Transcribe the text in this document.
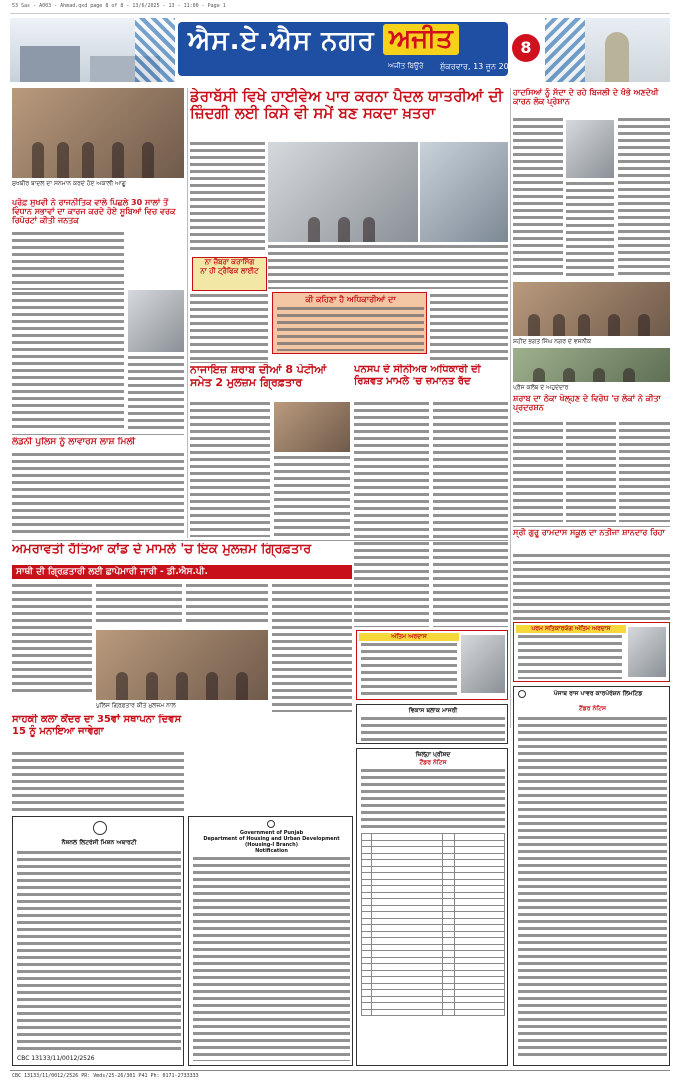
53 Sas - A003 - Ahmad.qxd page 8 of 8 - 13/6/2025 - 13 - 11:00 - Page 1
ਐਸ.ਏ.ਐਸ ਨਗਰ ਅਜੀਤ
ਅਜੀਤ ਬਿਊਰੋ ਸ਼ੁੱਕਰਵਾਰ, 13 ਜੂਨ 2025
8
ਸੁਖਬੀਰ ਬਾਦਲ ਦਾ ਸਨਮਾਨ ਕਰਦੇ ਹੋਏ ਅਕਾਲੀ ਆਗੂ
ਪ੍ਰੋਫ਼ ਸੁਖਵੀ ਨੇ ਰਾਜਨੀਤਿਕ ਵਾਲੇ ਪਿਛਲੇ 30 ਸਾਲਾਂ ਤੋਂ ਵਿਧਾਨ ਸਭਾਵਾਂ ਦਾ ਕਾਰਜ ਕਰਦੇ ਹੋਏ ਸੂਬਿਆਂ ਵਿਚ ਵਰਕ ਰਿਪੋਰਟਾਂ ਕੀਤੀ ਜਨਤਕ
ਲੰਡਨੀ ਪੁਲਿਸ ਨੂੰ ਲਾਵਾਰਸ ਲਾਸ਼ ਮਿਲੀ
ਡੇਰਾਬੱਸੀ ਵਿਖੇ ਹਾਈਵੇਅ ਪਾਰ ਕਰਨਾ ਪੈਦਲ ਯਾਤਰੀਆਂ ਦੀ ਜ਼ਿੰਦਗੀ ਲਈ ਕਿਸੇ ਵੀ ਸਮੇਂ ਬਣ ਸਕਦਾ ਖ਼ਤਰਾ
ਨਾ ਜ਼ੈਬਰਾ ਕਰਾਸਿੰਗ
ਨਾ ਹੀ ਟ੍ਰੈਫਿਕ ਲਾਈਟ
ਕੀ ਕਹਿਣਾ ਹੈ ਅਧਿਕਾਰੀਆਂ ਦਾ
ਨਾਜਾਇਜ਼ ਸ਼ਰਾਬ ਦੀਆਂ 8 ਪੇਟੀਆਂ ਸਮੇਤ 2 ਮੁਲਜ਼ਮ ਗ੍ਰਿਫ਼ਤਾਰ
ਪਨਸਪ ਦੇ ਸੀਨੀਅਰ ਅਧਿਕਾਰੀ ਦੀ ਰਿਸ਼ਵਤ ਮਾਮਲੇ 'ਚ ਜ਼ਮਾਨਤ ਰੱਦ
ਹਾਦਸਿਆਂ ਨੂੰ ਸੱਦਾ ਦੇ ਰਹੇ ਬਿਜਲੀ ਦੇ ਖੰਭੇ ਅਣਦੇਖੀ ਕਾਰਨ ਲੋਕ ਪ੍ਰੇਸ਼ਾਨ
ਸ਼ਹੀਦ ਭਗਤ ਸਿੰਘ ਨਗਰ ਦੇ ਵਸਨੀਕ
ਪ੍ਰੈਸ ਕਲੱਬ ਦੇ ਅਹੁਦੇਦਾਰ
ਸ਼ਰਾਬ ਦਾ ਠੇਕਾ ਖੋਲ੍ਹਣ ਦੇ ਵਿਰੋਧ 'ਚ ਲੋਕਾਂ ਨੇ ਕੀਤਾ ਪ੍ਰਦਰਸ਼ਨ
ਸ੍ਰੀ ਗੁਰੂ ਰਾਮਦਾਸ ਸਕੂਲ ਦਾ ਨਤੀਜਾ ਸ਼ਾਨਦਾਰ ਰਿਹਾ
ਪਰਮ ਸਤਿਕਾਰਯੋਗ ਅੰਤਿਮ ਅਰਦਾਸ
ਪੰਜਾਬ ਰਾਜ ਪਾਵਰ ਕਾਰਪੋਰੇਸ਼ਨ ਲਿਮਟਿਡ
ਟੈਂਡਰ ਨੋਟਿਸ
ਅਮਰਾਵਤੀ ਹੱਤਿਆ ਕਾਂਡ ਦੇ ਮਾਮਲੇ 'ਚ ਇਕ ਮੁਲਜ਼ਮ ਗ੍ਰਿਫ਼ਤਾਰ
ਸਾਥੀ ਦੀ ਗ੍ਰਿਫ਼ਤਾਰੀ ਲਈ ਛਾਪੇਮਾਰੀ ਜਾਰੀ - ਡੀ.ਐਸ.ਪੀ.
ਪੁਲਿਸ ਗ੍ਰਿਫ਼ਤਾਰ ਕੀਤੇ ਮੁਲਜ਼ਮ ਨਾਲ
ਸਾਹਕੀ ਕਲਾ ਕੇਂਦਰ ਦਾ 35ਵਾਂ ਸਥਾਪਨਾ ਦਿਵਸ 15 ਨੂੰ ਮਨਾਇਆ ਜਾਵੇਗਾ
ਅੰਤਿਮ ਅਰਦਾਸ
ਵਿਕਾਸ ਬਲਾਕ ਮਾਜਰੀ
Government of Punjab
Department of Housing and Urban Development
(Housing-I Branch)
Notification
ਜ਼ਿਲ੍ਹਾ ਪ੍ਰੀਸ਼ਦ
ਟੈਂਡਰ ਨੋਟਿਸ

ਨੈਸ਼ਨਲ ਲਿਟਰੇਸੀ ਮਿਸ਼ਨ ਅਥਾਰਟੀ
CBC 13133/11/0012/2526
CBC 13133/11/0012/2526 PR: Vmds/25-26/301 P41 Ph: 0171-2733333
